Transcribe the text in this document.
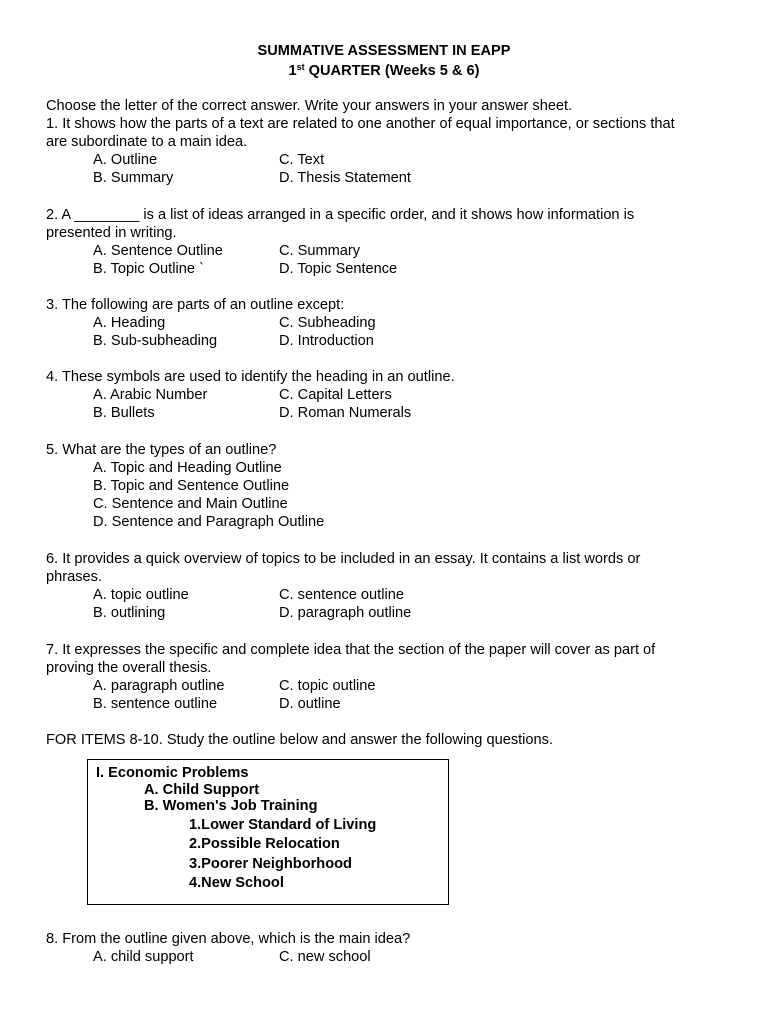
SUMMATIVE ASSESSMENT IN EAPP
1st QUARTER (Weeks 5 & 6)

Choose the letter of the correct answer. Write your answers in your answer sheet.

1. It shows how the parts of a text are related to one another of equal importance, or sections that

are subordinate to a main idea.

A. Outline	C. Text
B. Summary	D. Thesis Statement

2. A ________ is a list of ideas arranged in a specific order, and it shows how information is

presented in writing.

A. Sentence Outline	C. Summary
B. Topic Outline `	D. Topic Sentence

3. The following are parts of an outline except:

A. Heading	C. Subheading
B. Sub-subheading	D. Introduction

4. These symbols are used to identify the heading in an outline.

A. Arabic Number	C. Capital Letters
B. Bullets	D. Roman Numerals

5. What are the types of an outline?

A. Topic and Heading Outline
B. Topic and Sentence Outline
C. Sentence and Main Outline
D. Sentence and Paragraph Outline

6. It provides a quick overview of topics to be included in an essay. It contains a list words or

phrases.

A. topic outline	C. sentence outline
B. outlining	D. paragraph outline

7. It expresses the specific and complete idea that the section of the paper will cover as part of

proving the overall thesis.

A. paragraph outline	C. topic outline
B. sentence outline	D. outline

FOR ITEMS 8-10. Study the outline below and answer the following questions.

I. Economic Problems
A. Child Support
B. Women's Job Training
1.Lower Standard of Living
2.Possible Relocation
3.Poorer Neighborhood
4.New School

8. From the outline given above, which is the main idea?

A. child support	C. new school
